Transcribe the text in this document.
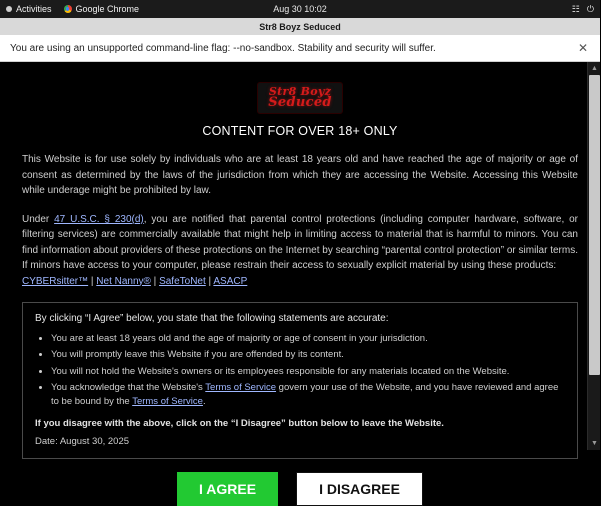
Activities	Google Chrome	Aug 30 10:02	☷ ⏻
Str8 Boyz Seduced
You are using an unsupported command-line flag: --no-sandbox. Stability and security will suffer.	✕
Str8 Boyz
Seduced
CONTENT FOR OVER 18+ ONLY

This Website is for use solely by individuals who are at least 18 years old and have reached the age of majority or age of consent as determined by the laws of the jurisdiction from which they are accessing the Website. Accessing this Website while underage might be prohibited by law.

Under 47 U.S.C. § 230(d), you are notified that parental control protections (including computer hardware, software, or filtering services) are commercially available that might help in limiting access to material that is harmful to minors. You can find information about providers of these protections on the Internet by searching “parental control protection” or similar terms. If minors have access to your computer, please restrain their access to sexually explicit material by using these products:
CYBERsitter™ | Net Nanny® | SafeToNet | ASACP

By clicking “I Agree” below, you state that the following statements are accurate:
• You are at least 18 years old and the age of majority or age of consent in your jurisdiction.
• You will promptly leave this Website if you are offended by its content.
• You will not hold the Website's owners or its employees responsible for any materials located on the Website.
• You acknowledge that the Website's Terms of Service govern your use of the Website, and you have reviewed and agree to be bound by the Terms of Service.
If you disagree with the above, click on the “I Disagree” button below to leave the Website.
Date: August 30, 2025
I AGREE	I DISAGREE
▲
▼
